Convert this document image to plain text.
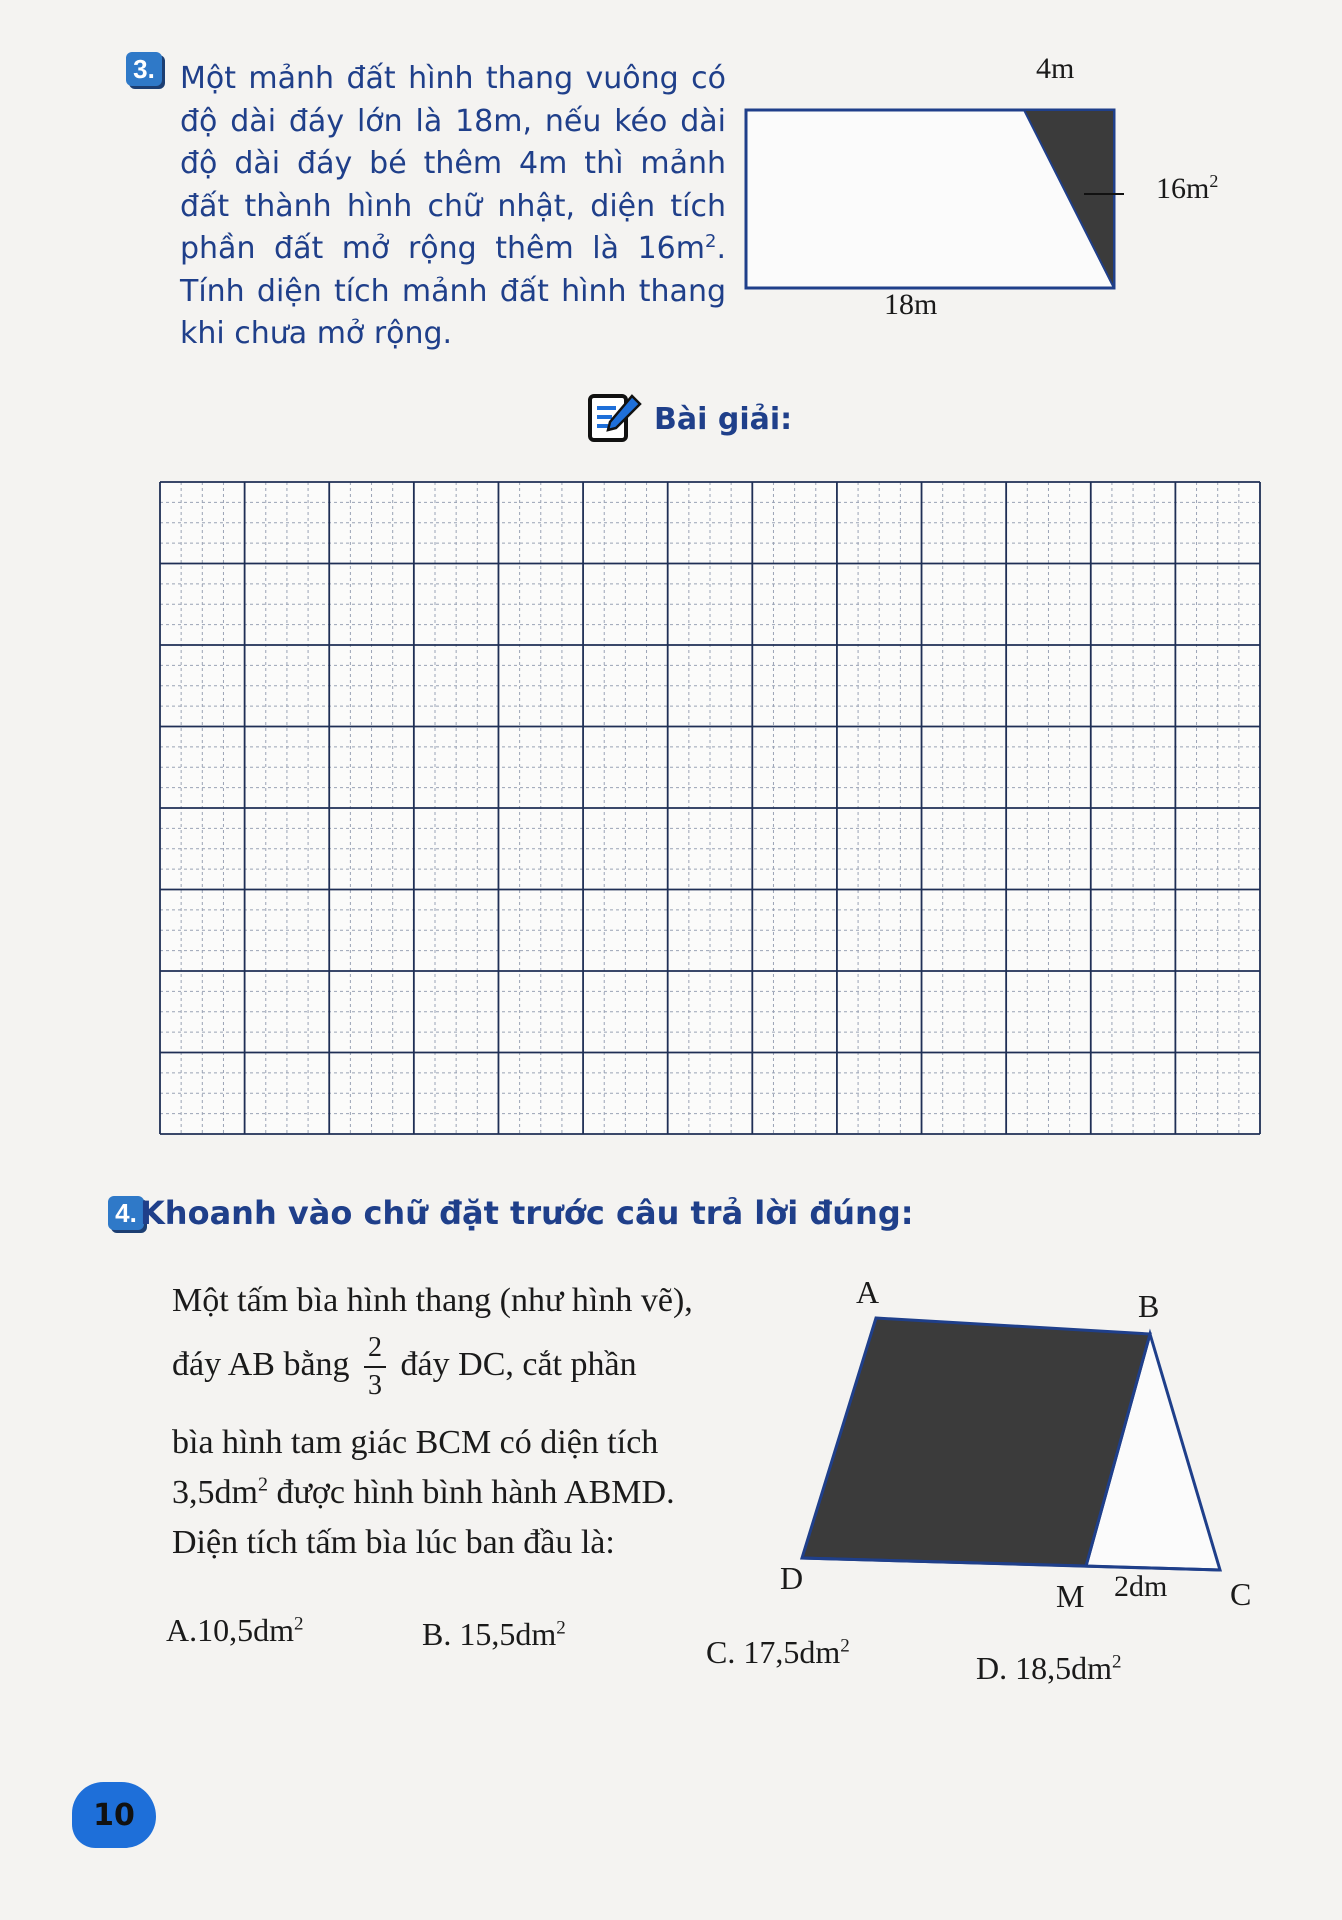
3. Một mảnh đất hình thang vuông có độ dài đáy lớn là 18m, nếu kéo dài độ dài đáy bé thêm 4m thì mảnh đất thành hình chữ nhật, diện tích phần đất mở rộng thêm là $16m^2$. Tính diện tích mảnh đất hình thang khi chưa mở rộng.
4m
$16m^2$
18m
Bài giải:
4. Khoanh vào chữ đặt trước câu trả lời đúng:
Một tấm bìa hình thang (như hình vẽ),
đáy AB bằng $\frac{2}{3}$ đáy DC, cắt phần
bìa hình tam giác BCM có diện tích
$3,5dm^2$ được hình bình hành ABMD.
Diện tích tấm bìa lúc ban đầu là:
A	B
D	M 2dm C
$A.10,5dm^2$	B. $15,5dm^2$
C. $17,5dm^2$
D. $18,5dm^2$
10
